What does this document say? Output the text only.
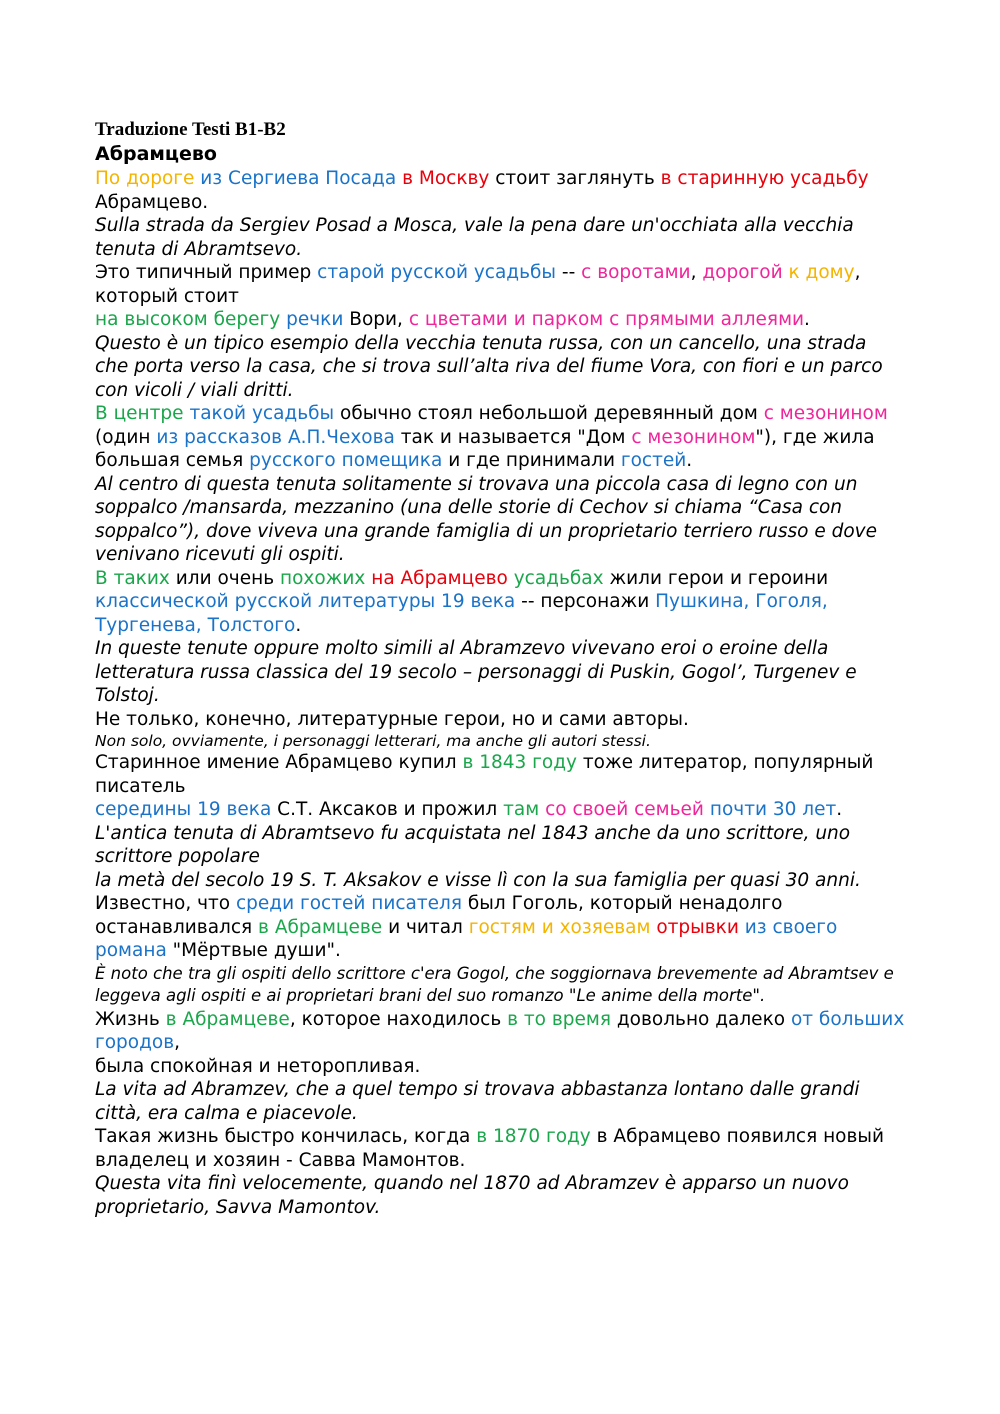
Traduzione Testi B1-B2
Абрамцево

По дороге из Сергиева Посада в Москву стоит заглянуть в старинную усадьбу Абрамцево.

Sulla strada da Sergiev Posad a Mosca, vale la pena dare un'occhiata alla vecchia tenuta di Abramtsevo.

Это типичный пример старой русской усадьбы -- с воротами, дорогой к дому, который стоит
на высоком берегу речки Вори, с цветами и парком с прямыми аллеями.

Questo è un tipico esempio della vecchia tenuta russa, con un cancello, una strada che porta verso la casa, che si trova sull’alta riva del fiume Vora, con fiori e un parco con vicoli / viali dritti.

В центре такой усадьбы обычно стоял небольшой деревянный дом с мезонином (один из рассказов А.П.Чехова так и называется "Дом с мезонином"), где жила большая семья русского помещика и где принимали гостей.

Al centro di questa tenuta solitamente si trovava una piccola casa di legno con un soppalco /mansarda, mezzanino (una delle storie di Cechov si chiama “Casa con soppalco”), dove viveva una grande famiglia di un proprietario terriero russo e dove venivano ricevuti gli ospiti.

В таких или очень похожих на Абрамцево усадьбах жили герои и героини классической русской литературы 19 века -- персонажи Пушкина, Гоголя, Тургенева, Толстого.

In queste tenute oppure molto simili al Abramzevo vivevano eroi o eroine della letteratura russa classica del 19 secolo – personaggi di Puskin, Gogol’, Turgenev e Tolstoj.

Не только, конечно, литературные герои, но и сами авторы.

Non solo, ovviamente, i personaggi letterari, ma anche gli autori stessi.

Старинное имение Абрамцево купил в 1843 году тоже литератор, популярный писатель
середины 19 века С.Т. Аксаков и прожил там со своей семьей почти 30 лет.

L'antica tenuta di Abramtsevo fu acquistata nel 1843 anche da uno scrittore, uno scrittore popolare
la metà del secolo 19 S. T. Aksakov e visse lì con la sua famiglia per quasi 30 anni.

Известно, что среди гостей писателя был Гоголь, который ненадолго останавливался в Абрамцеве и читал гостям и хозяевам отрывки из своего романа "Мёртвые души".

È noto che tra gli ospiti dello scrittore c'era Gogol, che soggiornava brevemente ad Abramtsev e leggeva agli ospiti e ai proprietari brani del suo romanzo "Le anime della morte".

Жизнь в Абрамцеве, которое находилось в то время довольно далеко от больших городов,
была спокойная и неторопливая.

La vita ad Abramzev, che a quel tempo si trovava abbastanza lontano dalle grandi città, era calma e piacevole.

Такая жизнь быстро кончилась, когда в 1870 году в Абрамцево появился новый владелец и хозяин - Савва Мамонтов.

Questa vita finì velocemente, quando nel 1870 ad Abramzev è apparso un nuovo proprietario, Savva Mamontov.
